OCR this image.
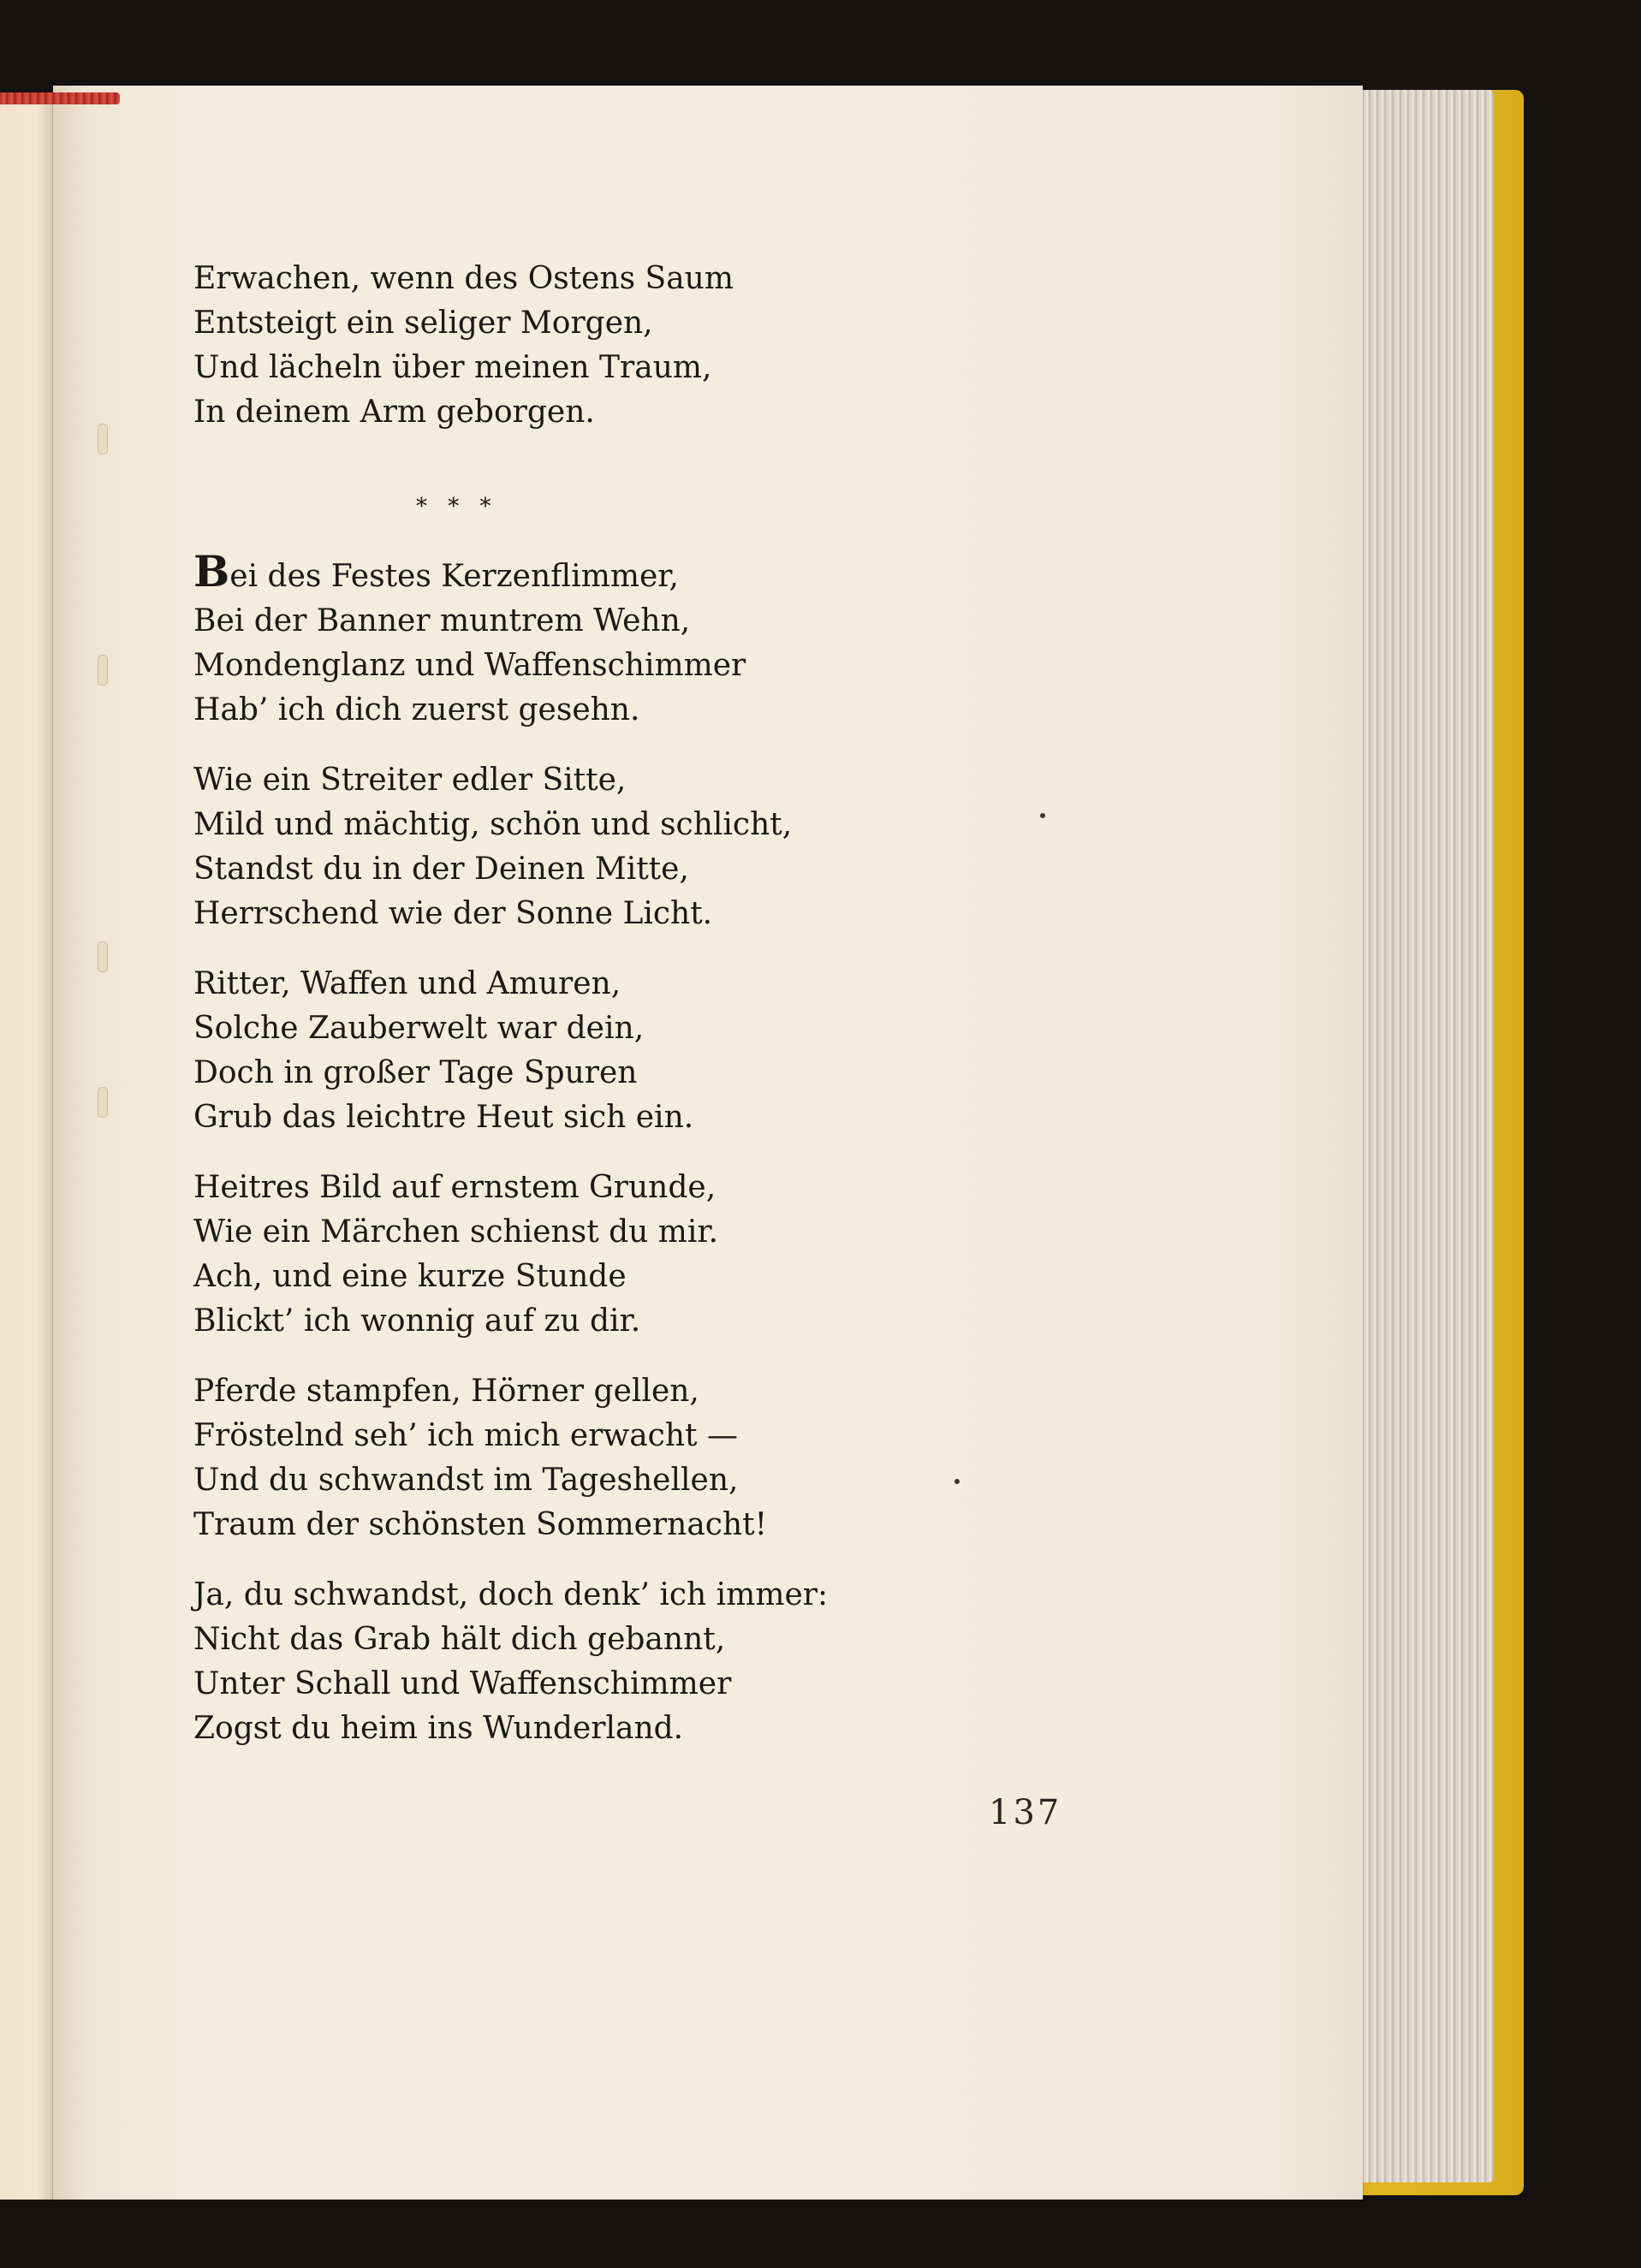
Erwachen, wenn des Ostens Saum
Entsteigt ein seliger Morgen,
Und lächeln über meinen Traum,
In deinem Arm geborgen.
Bei des Festes Kerzenflimmer,
Bei der Banner muntrem Wehn,
Mondenglanz und Waffenschimmer
Hab’ ich dich zuerst gesehn.
Wie ein Streiter edler Sitte,
Mild und mächtig, schön und schlicht,
Standst du in der Deinen Mitte,
Herrschend wie der Sonne Licht.
Ritter, Waffen und Amuren,
Solche Zauberwelt war dein,
Doch in großer Tage Spuren
Grub das leichtre Heut sich ein.
Heitres Bild auf ernstem Grunde,
Wie ein Märchen schienst du mir.
Ach, und eine kurze Stunde
Blickt’ ich wonnig auf zu dir.
Pferde stampfen, Hörner gellen,
Fröstelnd seh’ ich mich erwacht —
Und du schwandst im Tageshellen,
Traum der schönsten Sommernacht!
Ja, du schwandst, doch denk’ ich immer:
Nicht das Grab hält dich gebannt,
Unter Schall und Waffenschimmer
Zogst du heim ins Wunderland.
* * *
137
